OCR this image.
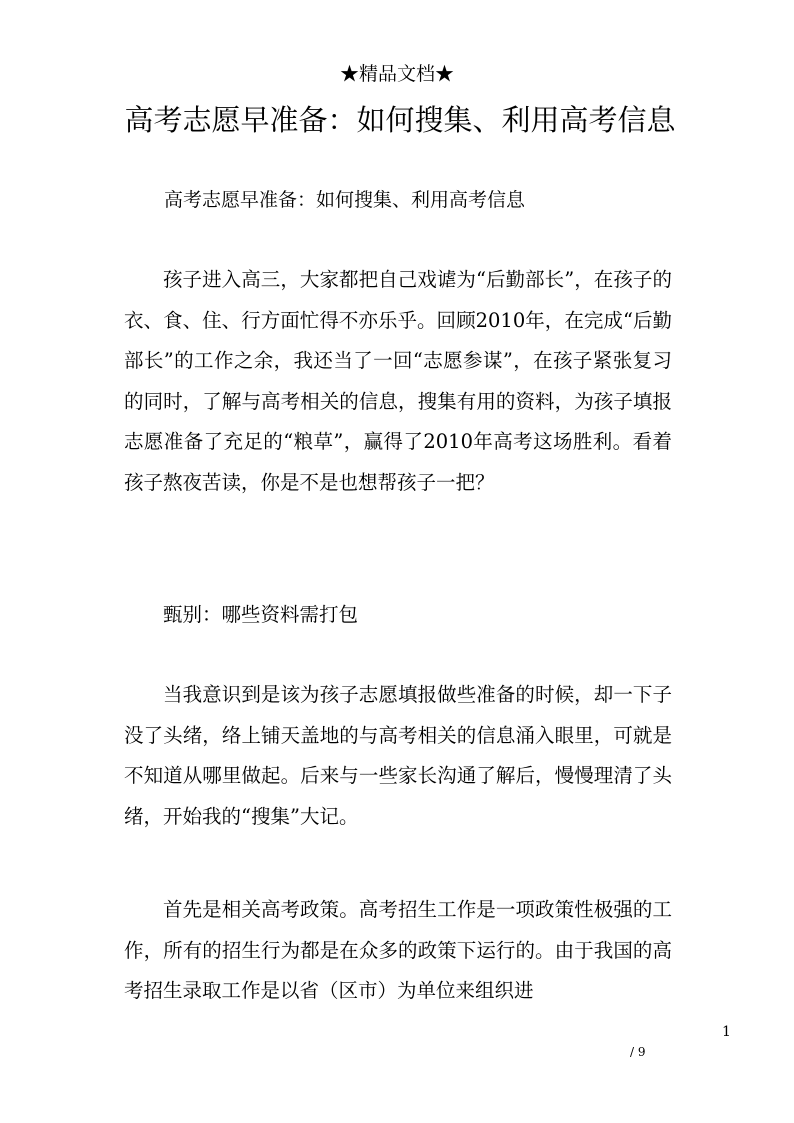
★精品文档★
高考志愿早准备：如何搜集、利用高考信息
高考志愿早准备：如何搜集、利用高考信息

孩子进入高三，大家都把自己戏谑为“后勤部长”，在孩子的衣、食、住、行方面忙得不亦乐乎。回顾2010年，在完成“后勤部长”的工作之余，我还当了一回“志愿参谋”，在孩子紧张复习的同时，了解与高考相关的信息，搜集有用的资料，为孩子填报志愿准备了充足的“粮草”，赢得了2010年高考这场胜利。看着孩子熬夜苦读，你是不是也想帮孩子一把？

甄别：哪些资料需打包

当我意识到是该为孩子志愿填报做些准备的时候，却一下子没了头绪，络上铺天盖地的与高考相关的信息涌入眼里，可就是不知道从哪里做起。后来与一些家长沟通了解后，慢慢理清了头绪，开始我的“搜集”大记。

首先是相关高考政策。高考招生工作是一项政策性极强的工作，所有的招生行为都是在众多的政策下运行的。由于我国的高考招生录取工作是以省（区市）为单位来组织进

1
/ 9
